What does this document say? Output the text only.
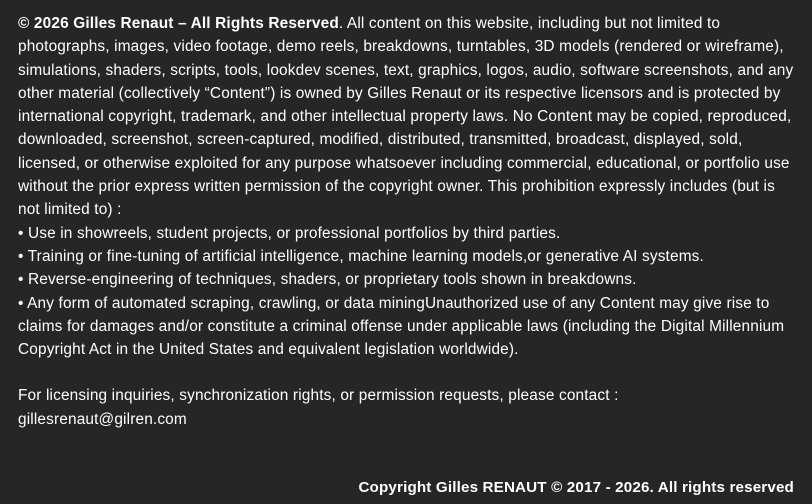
© 2026 Gilles Renaut – All Rights Reserved. All content on this website, including but not limited to photographs, images, video footage, demo reels, breakdowns, turntables, 3D models (rendered or wireframe), simulations, shaders, scripts, tools, lookdev scenes, text, graphics, logos, audio, software screenshots, and any other material (collectively “Content”) is owned by Gilles Renaut or its respective licensors and is protected by international copyright, trademark, and other intellectual property laws. No Content may be copied, reproduced, downloaded, screenshot, screen-captured, modified, distributed, transmitted, broadcast, displayed, sold, licensed, or otherwise exploited for any purpose whatsoever including commercial, educational, or portfolio use without the prior express written permission of the copyright owner. This prohibition expressly includes (but is not limited to) :

• Use in showreels, student projects, or professional portfolios by third parties.

• Training or fine-tuning of artificial intelligence, machine learning models,or generative AI systems.

• Reverse-engineering of techniques, shaders, or proprietary tools shown in breakdowns.

• Any form of automated scraping, crawling, or data miningUnauthorized use of any Content may give rise to claims for damages and/or constitute a criminal offense under applicable laws (including the Digital Millennium Copyright Act in the United States and equivalent legislation worldwide).

For licensing inquiries, synchronization rights, or permission requests, please contact :

gillesrenaut@gilren.com

Copyright Gilles RENAUT © 2017 - 2026. All rights reserved
